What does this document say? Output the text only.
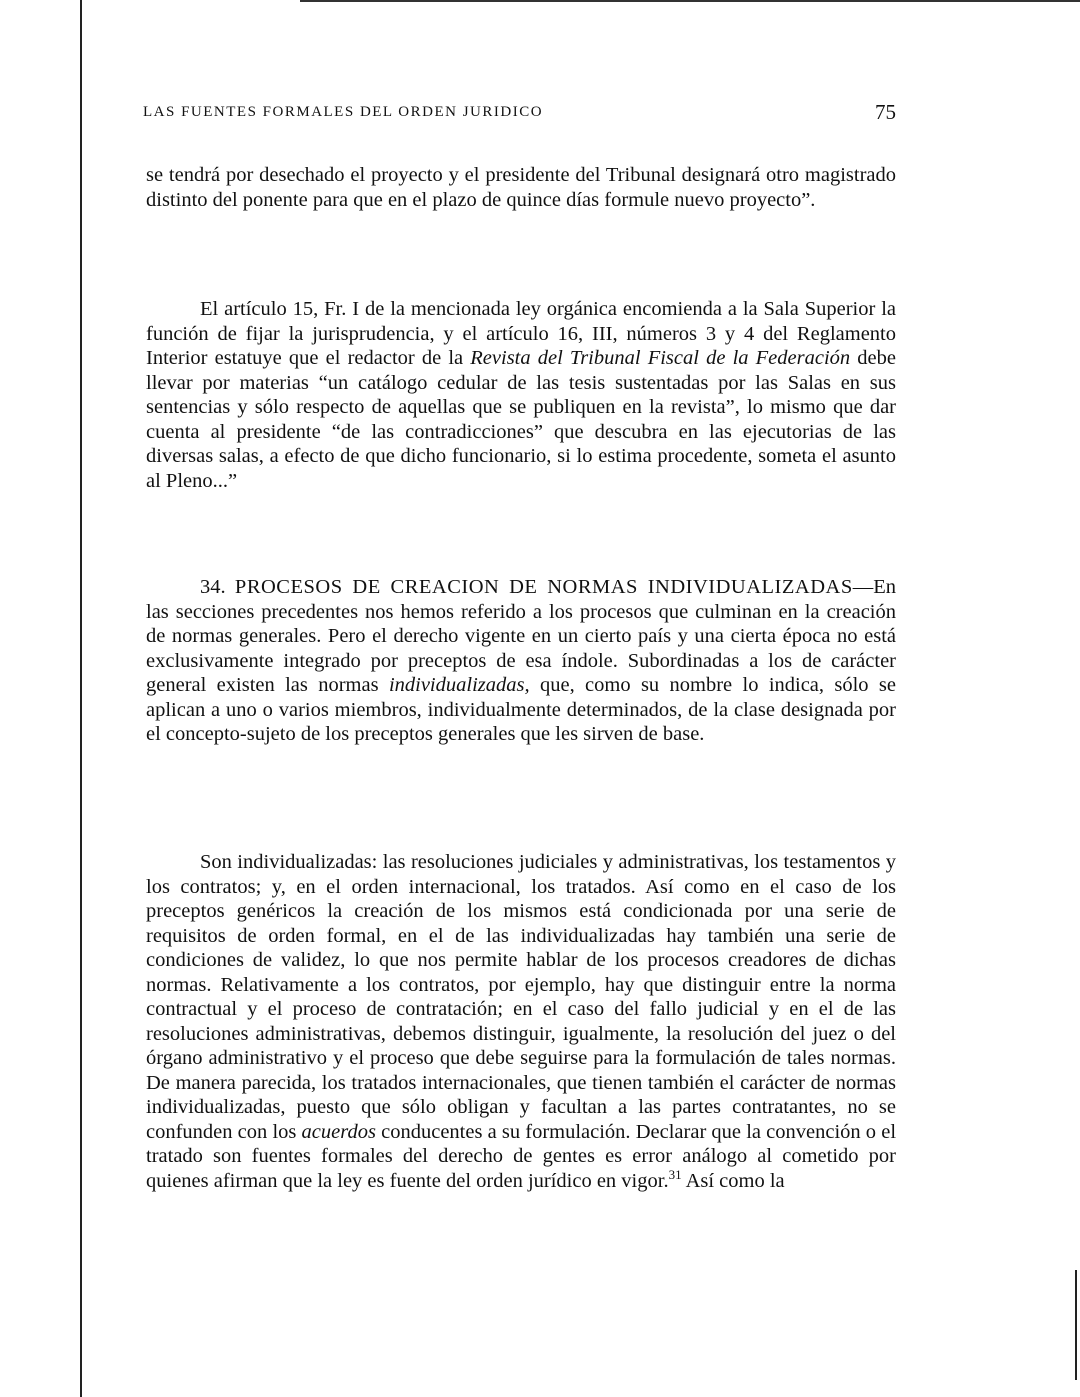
LAS FUENTES FORMALES DEL ORDEN JURIDICO	75

se tendrá por desechado el proyecto y el presidente del Tribunal designará otro magistrado distinto del ponente para que en el plazo de quince días formule nuevo proyecto”.

El artículo 15, Fr. I de la mencionada ley orgánica encomienda a la Sala Superior la función de fijar la jurisprudencia, y el artículo 16, III, números 3 y 4 del Reglamento Interior estatuye que el redactor de la Revista del Tribunal Fiscal de la Federación debe llevar por materias “un catálogo cedular de las tesis sustentadas por las Salas en sus sentencias y sólo respecto de aquellas que se publiquen en la revista”, lo mismo que dar cuenta al presidente “de las contradicciones” que descubra en las ejecutorias de las diversas salas, a efecto de que dicho funcionario, si lo estima procedente, someta el asunto al Pleno...”

34. PROCESOS DE CREACION DE NORMAS INDIVIDUALIZADAS—En las secciones precedentes nos hemos referido a los procesos que culminan en la creación de normas generales. Pero el derecho vigente en un cierto país y una cierta época no está exclusivamente integrado por preceptos de esa índole. Subordinadas a los de carácter general existen las normas individualizadas, que, como su nombre lo indica, sólo se aplican a uno o varios miembros, individualmente determinados, de la clase designada por el concepto-sujeto de los preceptos generales que les sirven de base.

Son individualizadas: las resoluciones judiciales y administrativas, los testamentos y los contratos; y, en el orden internacional, los tratados. Así como en el caso de los preceptos genéricos la creación de los mismos está condicionada por una serie de requisitos de orden formal, en el de las individualizadas hay también una serie de condiciones de validez, lo que nos permite hablar de los procesos creadores de dichas normas. Relativamente a los contratos, por ejemplo, hay que distinguir entre la norma contractual y el proceso de contratación; en el caso del fallo judicial y en el de las resoluciones administrativas, debemos distinguir, igualmente, la resolución del juez o del órgano administrativo y el proceso que debe seguirse para la formulación de tales normas. De manera parecida, los tratados internacionales, que tienen también el carácter de normas individualizadas, puesto que sólo obligan y facultan a las partes contratantes, no se confunden con los acuerdos conducentes a su formulación. Declarar que la convención o el tratado son fuentes formales del derecho de gentes es error análogo al cometido por quienes afirman que la ley es fuente del orden jurídico en vigor.$^{31}$ Así como la
